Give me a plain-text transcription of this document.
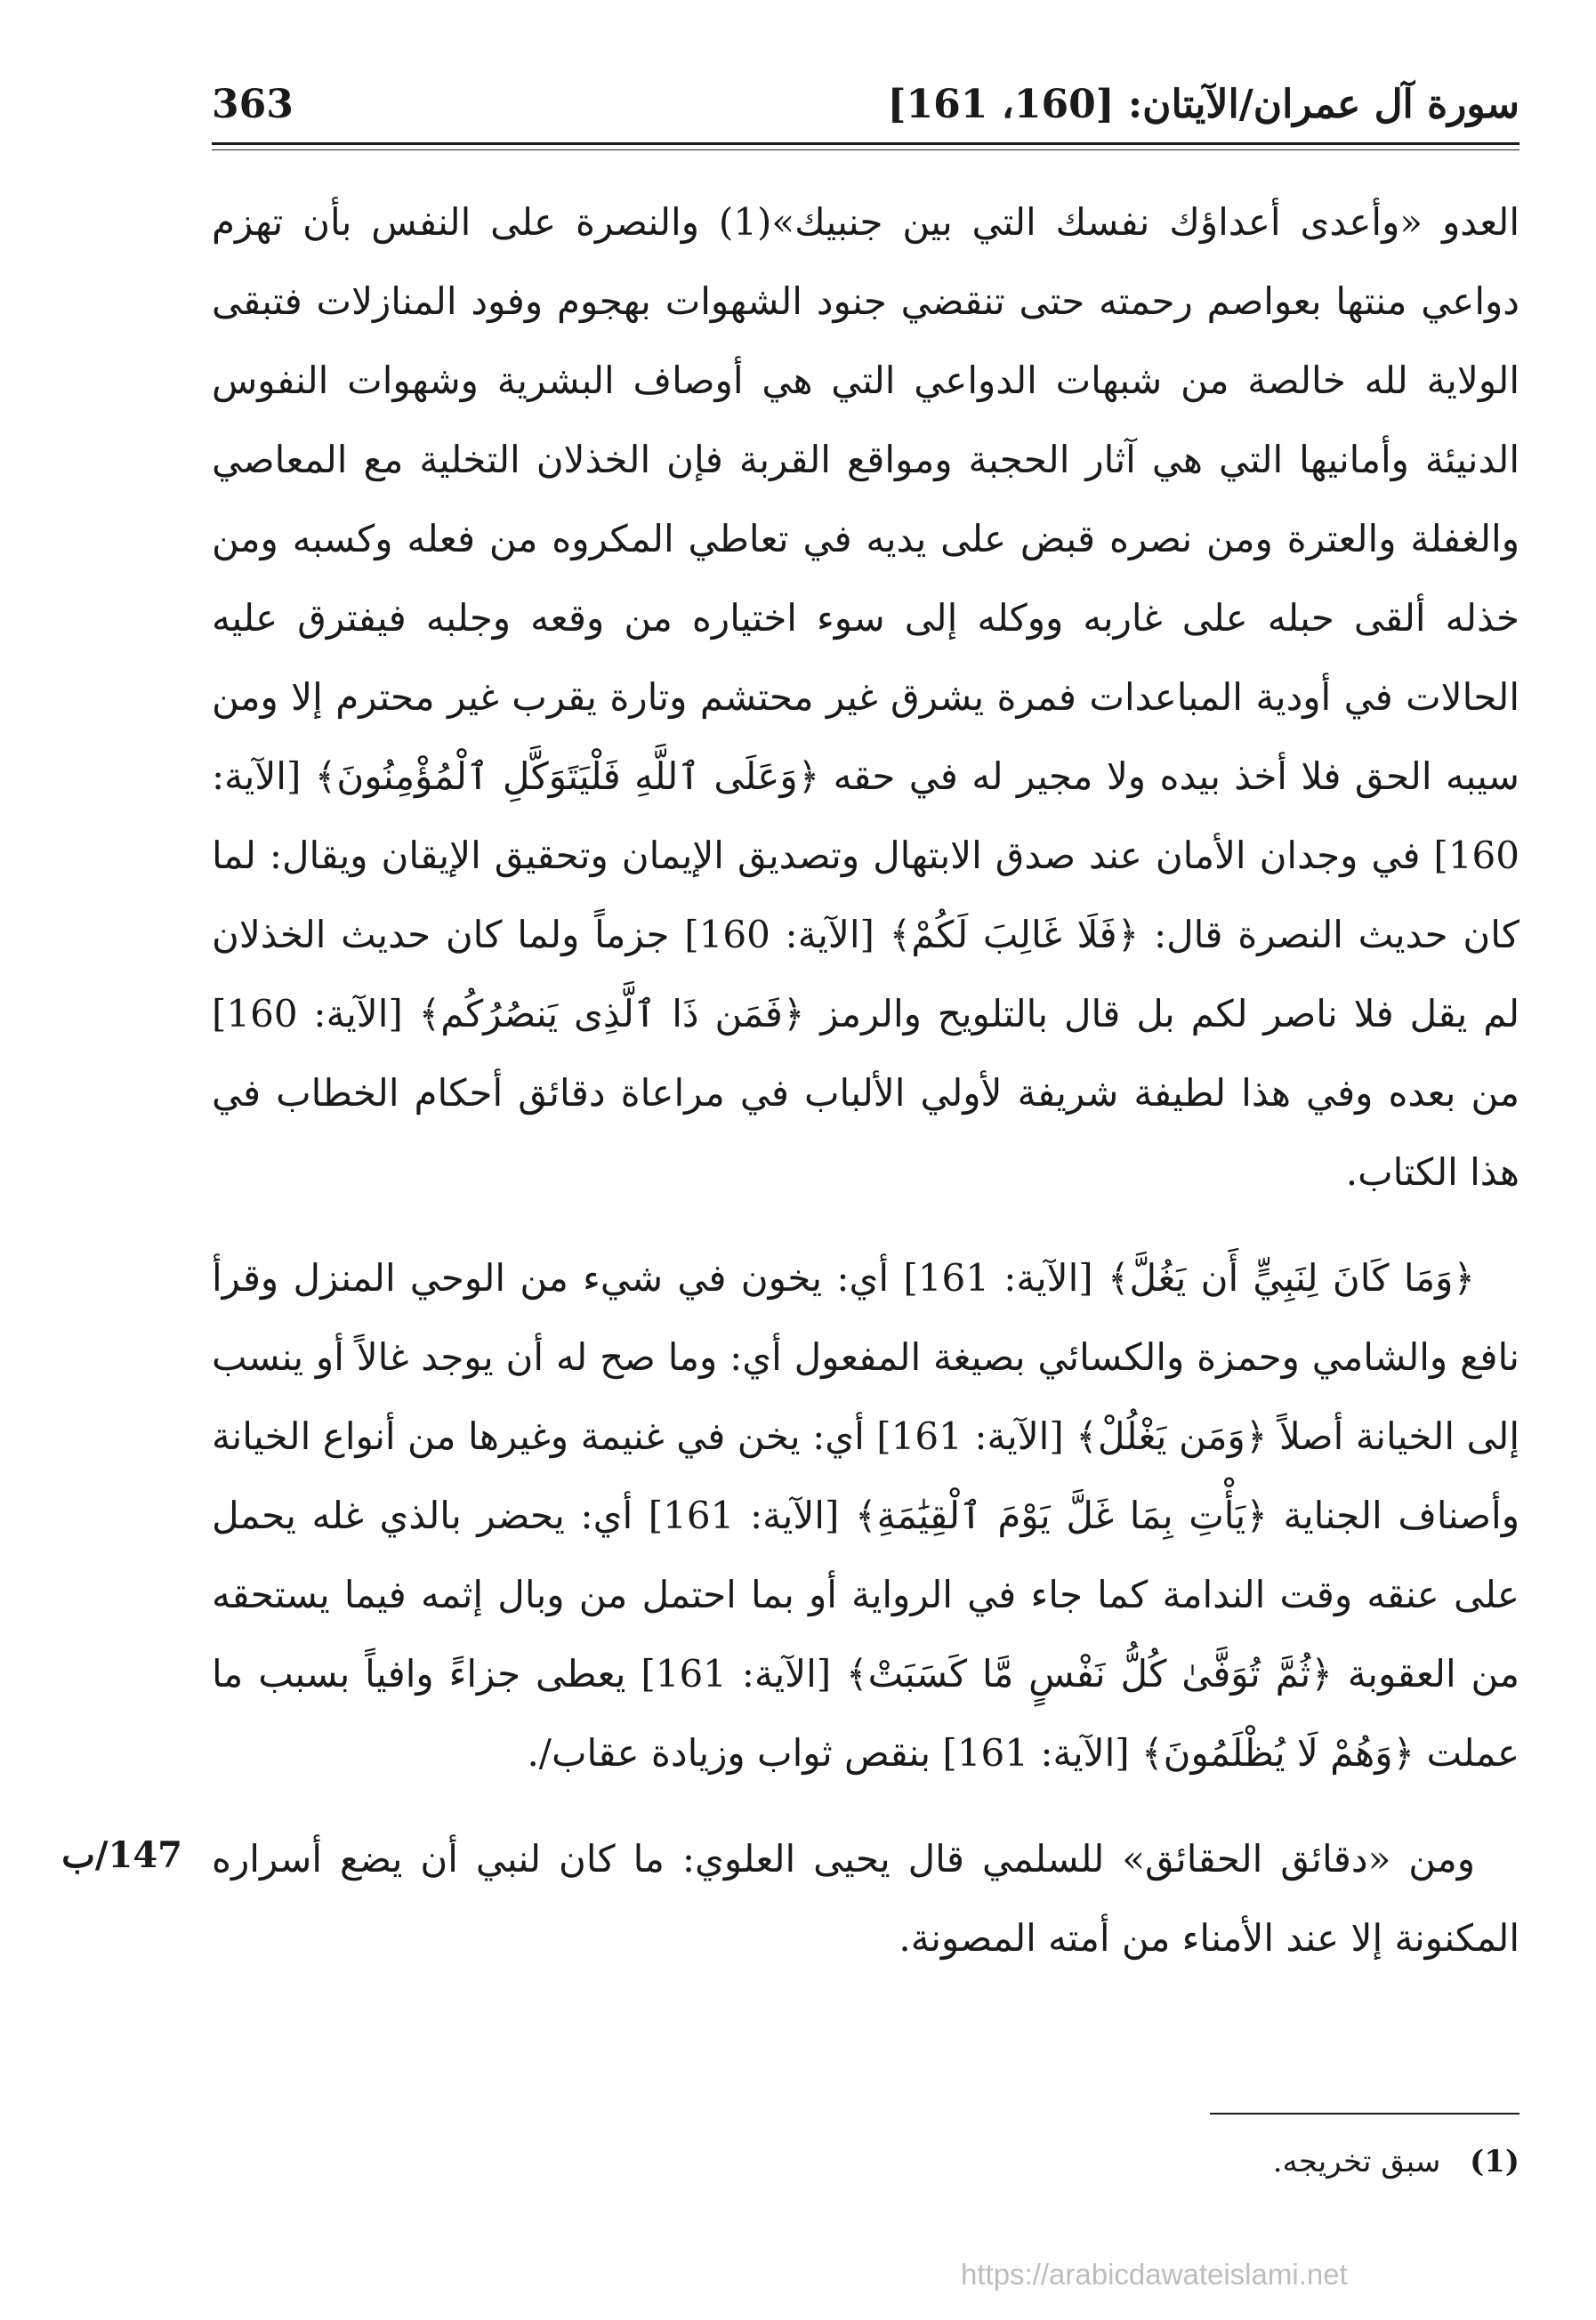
سورة آل عمران/الآيتان: [160، 161]
363

العدو «وأعدى أعداؤك نفسك التي بين جنبيك»(1) والنصرة على النفس بأن تهزم دواعي منتها بعواصم رحمته حتى تنقضي جنود الشهوات بهجوم وفود المنازلات فتبقى الولاية لله خالصة من شبهات الدواعي التي هي أوصاف البشرية وشهوات النفوس الدنيئة وأمانيها التي هي آثار الحجبة ومواقع القربة فإن الخذلان التخلية مع المعاصي والغفلة والعترة ومن نصره قبض على يديه في تعاطي المكروه من فعله وكسبه ومن خذله ألقى حبله على غاربه ووكله إلى سوء اختياره من وقعه وجلبه فيفترق عليه الحالات في أودية المباعدات فمرة يشرق غير محتشم وتارة يقرب غير محترم إلا ومن سيبه الحق فلا أخذ بيده ولا مجير له في حقه ﴿وَعَلَى ٱللَّهِ فَلْيَتَوَكَّلِ ٱلْمُؤْمِنُونَ﴾ [الآية: 160] في وجدان الأمان عند صدق الابتهال وتصديق الإيمان وتحقيق الإيقان ويقال: لما كان حديث النصرة قال: ﴿فَلَا غَالِبَ لَكُمْ﴾ [الآية: 160] جزماً ولما كان حديث الخذلان لم يقل فلا ناصر لكم بل قال بالتلويح والرمز ﴿فَمَن ذَا ٱلَّذِى يَنصُرُكُم﴾ [الآية: 160] من بعده وفي هذا لطيفة شريفة لأولي الألباب في مراعاة دقائق أحكام الخطاب في هذا الكتاب.

﴿وَمَا كَانَ لِنَبِيٍّ أَن يَغُلَّ﴾ [الآية: 161] أي: يخون في شيء من الوحي المنزل وقرأ نافع والشامي وحمزة والكسائي بصيغة المفعول أي: وما صح له أن يوجد غالاً أو ينسب إلى الخيانة أصلاً ﴿وَمَن يَغْلُلْ﴾ [الآية: 161] أي: يخن في غنيمة وغيرها من أنواع الخيانة وأصناف الجناية ﴿يَأْتِ بِمَا غَلَّ يَوْمَ ٱلْقِيَٰمَةِ﴾ [الآية: 161] أي: يحضر بالذي غله يحمل على عنقه وقت الندامة كما جاء في الرواية أو بما احتمل من وبال إثمه فيما يستحقه من العقوبة ﴿ثُمَّ تُوَفَّىٰ كُلُّ نَفْسٍ مَّا كَسَبَتْ﴾ [الآية: 161] يعطى جزاءً وافياً بسبب ما عملت ﴿وَهُمْ لَا يُظْلَمُونَ﴾ [الآية: 161] بنقص ثواب وزيادة عقاب/.

ومن «دقائق الحقائق» للسلمي قال يحيى العلوي: ما كان لنبي أن يضع أسراره المكنونة إلا عند الأمناء من أمته المصونة.

147/ب
(1) سبق تخريجه.
https://arabicdawateislami.net
